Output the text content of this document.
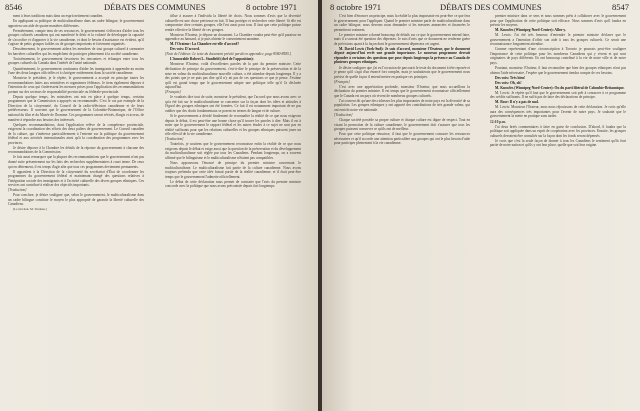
8546	DÉBATS DES COMMUNES	8 octobre 1971

ment à leurs traditions mais dans un esprit nettement canadien.

En appliquant sa politique de multiculturalisme dans un cadre bilingue, le gouvernement apportera son aide de quatre manières différentes.

Premièrement, compte tenu de ses ressources, le gouvernement s'efforcera d'aider tous les groupes culturels canadiens qui ont manifesté le désir et la volonté de développer la capacité de s'accroître et d'apporter à la vie canadienne, et dont le besoin d'assistance est évident, qu'il s'agisse de petits groupes faibles ou de groupes importants et fortement organisés.

Deuxièmement, le gouvernement aidera les membres de tout groupe culturel à surmonter les barrières culturelles qui les empêchent de participer pleinement à la société canadienne.

Troisièmement, le gouvernement favorisera les rencontres et échanges entre tous les groupes culturels du Canada dans l'intérêt de l'unité nationale.

Quatrièmement, le gouvernement continuera d'aider les immigrants à apprendre au moins l'une des deux langues officielles et à s'intégrer entièrement dans la société canadienne.

Monsieur le président, je le répète, le gouvernement a accepté en principe toutes les recommandations faites aux ministères et organismes fédéraux. Je tiens également déposer à l'intention de ceux qui s'intéressent les mesures prises pour l'application des recommandations portant sur des secteurs de responsabilité provinciale ou fédérale-provinciale.

Depuis quelque temps, les ministères ont mis en place à quelque temps, certains programmes que la Commission a appuyés ou recommandés. C'est le cas par exemple de la Direction de la citoyenneté, du Conseil de la radio-télévision canadienne et de leurs prédécesseurs. Il convient que le gouvernement de la Colombie-Britannique, de l'Office national du film et du Musée de l'homme. Ces programmes seront révisés, élargis et accrus, de manière à répondre aux besoins des intéressés.

Quelques recommandations, dont l'application relève de la compétence provinciale, exigeront la coordination des efforts des deux paliers de gouvernement. Le Conseil canadien de la culture, qui s'intéresse particulièrement à l'entente sur la politique du gouvernement fédéral et aux activités internationales ainsi qu'à la coordination des programmes avec les provinces.

Je désire déposer à la Chambre les détails de la réponse du gouvernement à chacune des recommandations de la Commission.

Je fais aussi remarquer que la plupart des recommandations que le gouvernement n'ont pas donné suite présentement sur les faits des recherches supplémentaires à court terme. De ceux qui en détiennent, il est temps d'agir afin que tous ces programmes deviennent permanents.

Il appartient à la Direction de la citoyenneté du secrétariat d'État de coordonner les programmes du gouvernement fédéral et maintenant chargé des questions relatives à l'intégration sociale des immigrants et à l'activité culturelle des divers groupes ethniques. Ces services ont contribué à réaliser des objectifs importants.

[Traduction]

Pour conclure, je désire souligner que, selon le gouvernement, le multiculturalisme dans un cadre bilingue constitue le moyen le plus approprié de garantir la liberté culturelle des Canadiens.

[Le très hon. M. Trudeau.]

tiflue à assurer à l'individu la liberté de choix. Nous sommes d'avis que la diversité culturelle est une chose précieuse en fait. Il faut protéger et rechercher cette liberté. Si elle est compromise chez certains groupes, elle l'est aussi pour tous. Il faut que cette politique puisse rendre effective la liberté de ces groupes.

Monsieur l'Orateur, je dépose un document. La Chambre voudra peut-être qu'il paraisse en appendice au hansard, si je puis obtenir le consentement unanime.

M. l'Orateur: La Chambre est-elle d'accord?

Des voix: D'accord.

[Note de l'éditeur: Le texte du document précité paraît en appendice, page 8580-8585.]

L'honorable Robert L. Stanfield (chef de l'opposition):

Monsieur l'Orateur, voilà d'excellentes paroles de la part du premier ministre. Cette déclaration de principe du gouvernement, c'est-à-dire le principe de la préservation et de la mise en valeur du multiculturalisme nouvelle culture, a été attendue depuis longtemps. Il y a des points que je ne puis pas dire qu'il n'y ait pas de ces questions ce que je pense. J'estime qu'il est grand temps que le gouvernement adopte une politique telle qu'il l'a déclarée aujourd'hui.

[Français]

Je voudrais dire tout de suite, monsieur le président, que l'accord que nous avons avec ce qu'a été fait sur le multiculturalisme se concentre sur la façon dont les idées et attitudes à l'égard des groupes ethniques ont été formées. Ce fait il est notamment important de ne pas oublier que des droits fondamentaux se posent en termes de langue et de culture.

Si le gouvernement a décidé finalement de reconnaître la réalité de ce que nous exigeons depuis le début, il est peut-être une bonne chose qu'il trouve les paroles à dire. Mais il est à noter que le gouvernement le rapport fédéral et les autres études à ce sujet ne sont pas en réalité suffisants pour que les relations culturelles et les groupes ethniques puissent jouer un rôle effectif de la vie canadienne.

[Traduction]

Toutefois, je soutiens que le gouvernement reconnaisse enfin la réalité de ce que nous exigeons depuis le début et exige aussi que la question de la préservation et du développement du multiculturalisme soit réglée par tous les Canadiens. Pendant longtemps, on a souvent affirmé que le bilinguisme et le multiculturalisme n'étaient pas compatibles.

Nous approuvons l'énoncé de principe du premier ministre concernant le multiculturalisme. Le multiculturalisme fait partie de la culture canadienne. Nous avons toujours prétendu que cette idée faisait partie de la réalité canadienne, et il était peut-être temps que le gouvernement l'admette officiellement.

Le début de cette déclaration nous permet de constater que l'avis du premier ministre concorde avec la politique que nous avons préconisée depuis fort longtemps.

8 octobre 1971	DÉBATS DES COMMUNES	8547

C'est bien d'énoncer un principe, mais la réalité la plus importante est peut-être ce que fera le gouvernement pour l'appliquer. Quand le premier ministre parle de multiculturalisme dans un cadre bilingue, nous devrons nous demander si les mesures annoncées et financées le permettront vraiment.

Le premier ministre a donné beaucoup de détails sur ce que le gouvernement entend faire, mais il a surtout été question des dépenses. Je suis d'avis que ce document ne renferme guère de précisions quant à la façon dont le gouvernement dépensera cet argent.

M. David Lewis (York-Sud): Je suis d'accord, monsieur l'Orateur, que le document déposé aujourd'hui revêt une grande importance. Le nouveau programme devrait répondre à certaines des questions que pose depuis longtemps la présence au Canada de plusieurs groupes ethniques.

Je désire souligner que j'ai eu l'occasion de parcourir le texte du document à tête reposée et je pense qu'il s'agit d'un énoncé fort complet, mais je souhaiterais que le gouvernement nous précise de quelle façon il entend mettre en pratique ces principes.

[Français]

C'est avec une appréciation profonde, monsieur l'Orateur, que nous accueillons la déclaration du premier ministre. Il est temps que le gouvernement reconnaisse officiellement que le Canada est un pays où vivent de nombreux groupes culturels.

J'ai souvent dit qu'une des richesses les plus importantes de notre pays est la diversité de sa population. Les groupes ethniques y ont apporté des contributions de très grande valeur, qui ont enrichi notre vie nationale.

[Traduction]

Chaque société possède sa propre culture et chaque culture est digne de respect. Tout en visant la promotion de la culture canadienne, le gouvernement doit s'assurer que tous les groupes puissent conserver ce qu'ils ont de meilleur.

Pour que cette politique réussisse, il faut que le gouvernement consacre les ressources nécessaires et qu'il accorde une attention particulière aux groupes qui ont le plus besoin d'aide pour participer pleinement à la vie canadienne.

premier ministre dans ce sens et nous sommes prêts à collaborer avec le gouvernement pour que l'application de cette politique soit efficace. Nous sommes d'avis qu'il faudra en prévoir les moyens.

M. Knowles (Winnipeg-Nord-Centre): Allez-y.

M. Lewis: J'ai été très heureux d'entendre le premier ministre déclarer que le gouvernement a l'intention d'offrir son aide à tous les groupes culturels. Ce serait une reconnaissance longuement attendue.

Comme représentant d'une circonscription à Toronto je pourrais peut-être souligner l'importance de cette politique pour les nombreux Canadiens qui y vivent et qui sont originaires de pays différents. Ils ont beaucoup contribué à la vie de notre ville et de notre pays.

Pourtant, monsieur l'Orateur, il faut reconnaître que bien des groupes ethniques n'ont pas obtenu l'aide nécessaire. J'espère que le gouvernement tiendra compte de ces besoins.

Des voix: Très bien!

Des voix: Oh, oh!

M. Knowles (Winnipeg-Nord-Centre): Ou du parti libéral de Colombie-Britannique.

M. Lewis: Je répète qu'il faut que le gouvernement soit prêt à consacrer à ce programme des crédits suffisants. Il ne suffit pas de faire des déclarations de principe.

M. Rose: Il n'y a pas de mal.

M. Lewis: Monsieur l'Orateur, nous nous réjouissons de cette déclaration. Je crois qu'elle aura des conséquences très importantes pour l'avenir de notre pays. Je souhaite que le gouvernement la mette en pratique sans tarder.

12:10 p.m.

J'ai deux brefs commentaires à faire en guise de conclusion. D'abord, il faudra que la politique soit appliquée dans un esprit de coopération avec les provinces. Ensuite, les groupes culturels devraient être consultés sur la façon dont les fonds seront dépensés.

Je crois que c'est la seule façon de donner à tous les Canadiens le sentiment qu'ils font partie de notre nation et qu'ils y ont leur place, quelle que soit leur origine.
